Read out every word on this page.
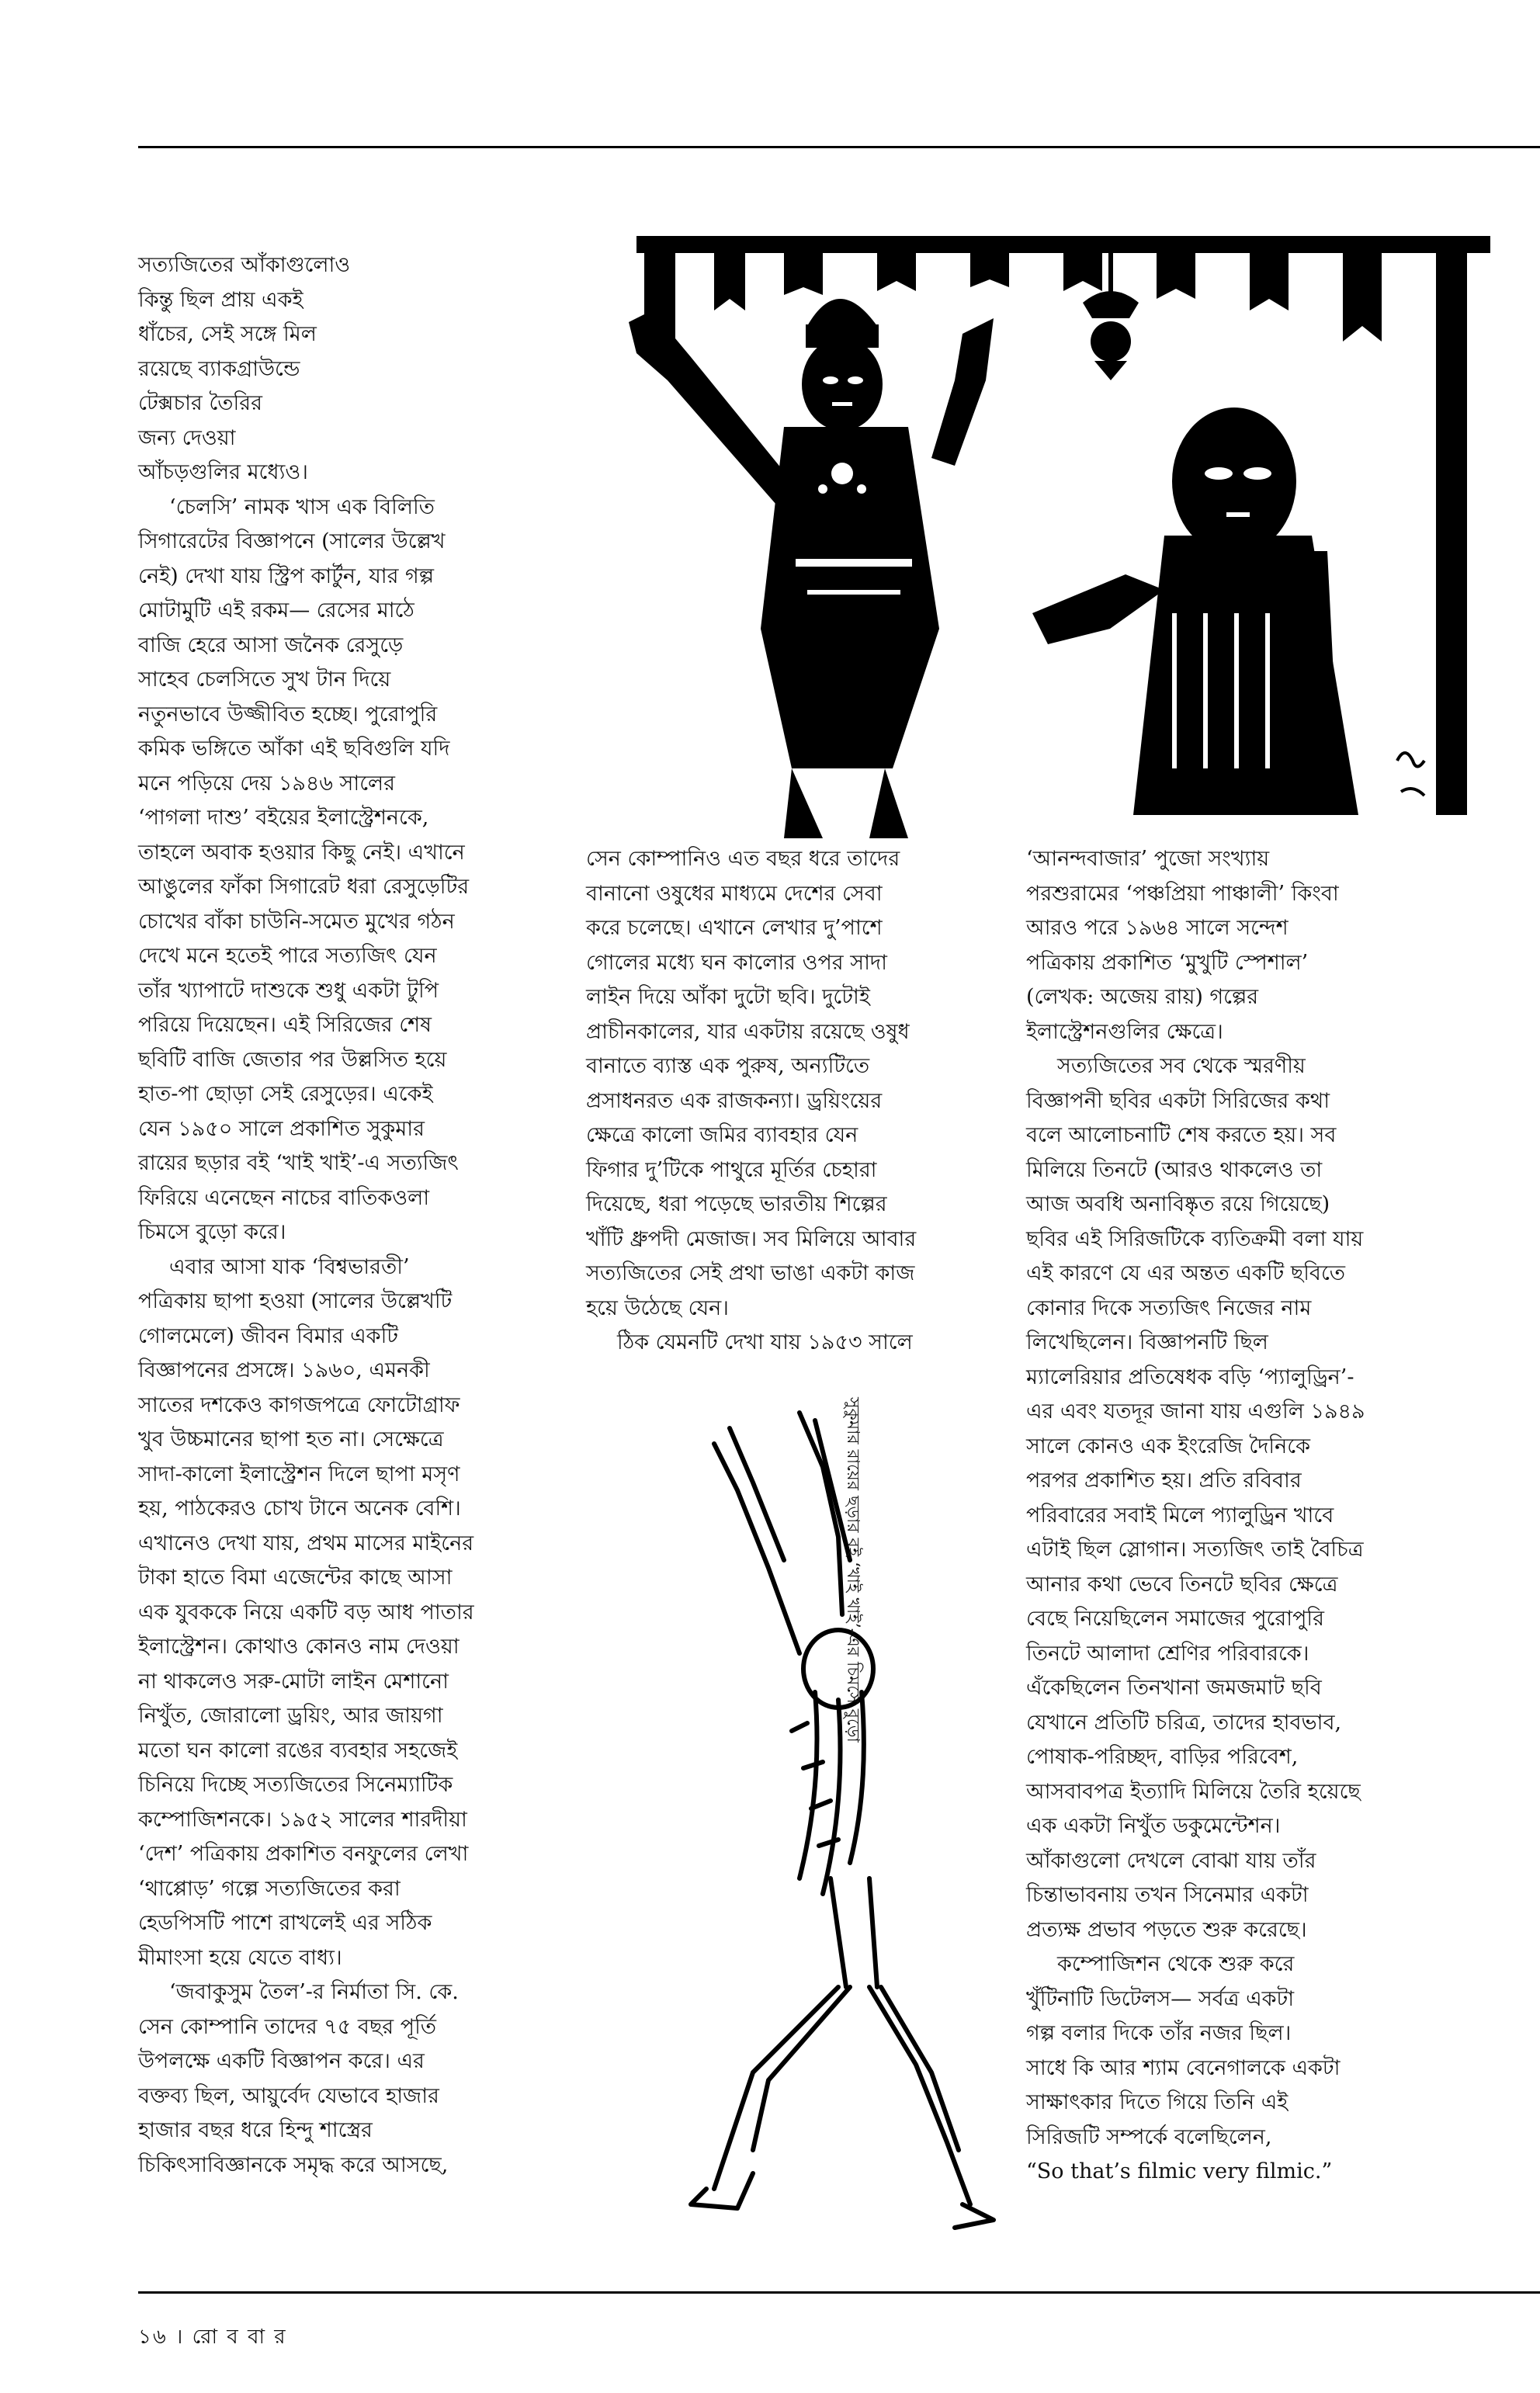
সত্যজিতের আঁকাগুলোও
কিন্তু ছিল প্রায় একই
ধাঁচের, সেই সঙ্গে মিল
রয়েছে ব্যাকগ্রাউন্ডে
টেক্সচার তৈরির
জন্য দেওয়া
আঁচড়গুলির মধ্যেও।
‘চেলসি’ নামক খাস এক বিলিতি
সিগারেটের বিজ্ঞাপনে (সালের উল্লেখ
নেই) দেখা যায় স্ট্রিপ কার্টুন, যার গল্প
মোটামুটি এই রকম— রেসের মাঠে
বাজি হেরে আসা জনৈক রেসুড়ে
সাহেব চেলসিতে সুখ টান দিয়ে
নতুনভাবে উজ্জীবিত হচ্ছে। পুরোপুরি
কমিক ভঙ্গিতে আঁকা এই ছবিগুলি যদি
মনে পড়িয়ে দেয় ১৯৪৬ সালের
‘পাগলা দাশু’ বইয়ের ইলাস্ট্রেশনকে,
তাহলে অবাক হওয়ার কিছু নেই। এখানে
আঙুলের ফাঁকা সিগারেট ধরা রেসুড়েটির
চোখের বাঁকা চাউনি-সমেত মুখের গঠন
দেখে মনে হতেই পারে সত্যজিৎ যেন
তাঁর খ্যাপাটে দাশুকে শুধু একটা টুপি
পরিয়ে দিয়েছেন। এই সিরিজের শেষ
ছবিটি বাজি জেতার পর উল্লসিত হয়ে
হাত-পা ছোড়া সেই রেসুড়ের। একেই
যেন ১৯৫০ সালে প্রকাশিত সুকুমার
রায়ের ছড়ার বই ‘খাই খাই’-এ সত্যজিৎ
ফিরিয়ে এনেছেন নাচের বাতিকওলা
চিমসে বুড়ো করে।
এবার আসা যাক ‘বিশ্বভারতী’
পত্রিকায় ছাপা হওয়া (সালের উল্লেখটি
গোলমেলে) জীবন বিমার একটি
বিজ্ঞাপনের প্রসঙ্গে। ১৯৬০, এমনকী
সাতের দশকেও কাগজপত্রে ফোটোগ্রাফ
খুব উচ্চমানের ছাপা হত না। সেক্ষেত্রে
সাদা-কালো ইলাস্ট্রেশন দিলে ছাপা মসৃণ
হয়, পাঠকেরও চোখ টানে অনেক বেশি।
এখানেও দেখা যায়, প্রথম মাসের মাইনের
টাকা হাতে বিমা এজেন্টের কাছে আসা
এক যুবককে নিয়ে একটি বড় আধ পাতার
ইলাস্ট্রেশন। কোথাও কোনও নাম দেওয়া
না থাকলেও সরু-মোটা লাইন মেশানো
নিখুঁত, জোরালো ড্রয়িং, আর জায়গা
মতো ঘন কালো রঙের ব্যবহার সহজেই
চিনিয়ে দিচ্ছে সত্যজিতের সিনেম্যাটিক
কম্পোজিশনকে। ১৯৫২ সালের শারদীয়া
‘দেশ’ পত্রিকায় প্রকাশিত বনফুলের লেখা
‘থাপ্পোড়’ গল্পে সত্যজিতের করা
হেডপিসটি পাশে রাখলেই এর সঠিক
মীমাংসা হয়ে যেতে বাধ্য।
‘জবাকুসুম তৈল’-র নির্মাতা সি. কে.
সেন কোম্পানি তাদের ৭৫ বছর পূর্তি
উপলক্ষে একটি বিজ্ঞাপন করে। এর
বক্তব্য ছিল, আয়ুর্বেদ যেভাবে হাজার
হাজার বছর ধরে হিন্দু শাস্ত্রের
চিকিৎসাবিজ্ঞানকে সমৃদ্ধ করে আসছে,
সেন কোম্পানিও এত বছর ধরে তাদের
বানানো ওষুধের মাধ্যমে দেশের সেবা
করে চলেছে। এখানে লেখার দু’পাশে
গোলের মধ্যে ঘন কালোর ওপর সাদা
লাইন দিয়ে আঁকা দুটো ছবি। দুটোই
প্রাচীনকালের, যার একটায় রয়েছে ওষুধ
বানাতে ব্যাস্ত এক পুরুষ, অন্যটিতে
প্রসাধনরত এক রাজকন্যা। ড্রয়িংয়ের
ক্ষেত্রে কালো জমির ব্যাবহার যেন
ফিগার দু’টিকে পাথুরে মূর্তির চেহারা
দিয়েছে, ধরা পড়েছে ভারতীয় শিল্পের
খাঁটি ধ্রুপদী মেজাজ। সব মিলিয়ে আবার
সত্যজিতের সেই প্রথা ভাঙা একটা কাজ
হয়ে উঠেছে যেন।
ঠিক যেমনটি দেখা যায় ১৯৫৩ সালে
‘আনন্দবাজার’ পুজো সংখ্যায়
পরশুরামের ‘পঞ্চপ্রিয়া পাঞ্চালী’ কিংবা
আরও পরে ১৯৬৪ সালে সন্দেশ
পত্রিকায় প্রকাশিত ‘মুখুটি স্পেশাল’
(লেখক: অজেয় রায়) গল্পের
ইলাস্ট্রেশনগুলির ক্ষেত্রে।
সত্যজিতের সব থেকে স্মরণীয়
বিজ্ঞাপনী ছবির একটা সিরিজের কথা
বলে আলোচনাটি শেষ করতে হয়। সব
মিলিয়ে তিনটে (আরও থাকলেও তা
আজ অবধি অনাবিষ্কৃত রয়ে গিয়েছে)
ছবির এই সিরিজটিকে ব্যতিক্রমী বলা যায়
এই কারণে যে এর অন্তত একটি ছবিতে
কোনার দিকে সত্যজিৎ নিজের নাম
লিখেছিলেন। বিজ্ঞাপনটি ছিল
ম্যালেরিয়ার প্রতিষেধক বড়ি ‘প্যালুড্রিন’-
এর এবং যতদূর জানা যায় এগুলি ১৯৪৯
সালে কোনও এক ইংরেজি দৈনিকে
পরপর প্রকাশিত হয়। প্রতি রবিবার
পরিবারের সবাই মিলে প্যালুড্রিন খাবে
এটাই ছিল স্লোগান। সত্যজিৎ তাই বৈচিত্র
আনার কথা ভেবে তিনটে ছবির ক্ষেত্রে
বেছে নিয়েছিলেন সমাজের পুরোপুরি
তিনটে আলাদা শ্রেণির পরিবারকে।
এঁকেছিলেন তিনখানা জমজমাট ছবি
যেখানে প্রতিটি চরিত্র, তাদের হাবভাব,
পোষাক-পরিচ্ছদ, বাড়ির পরিবেশ,
আসবাবপত্র ইত্যাদি মিলিয়ে তৈরি হয়েছে
এক একটা নিখুঁত ডকুমেন্টেশন।
আঁকাগুলো দেখলে বোঝা যায় তাঁর
চিন্তাভাবনায় তখন সিনেমার একটা
প্রত্যক্ষ প্রভাব পড়তে শুরু করেছে।
কম্পোজিশন থেকে শুরু করে
খুঁটিনাটি ডিটেলস— সর্বত্র একটা
গল্প বলার দিকে তাঁর নজর ছিল।
সাধে কি আর শ্যাম বেনেগালকে একটা
সাক্ষাৎকার দিতে গিয়ে তিনি এই
সিরিজটি সম্পর্কে বলেছিলেন,
“So that’s filmic very filmic.”
সুকুমার রায়ের ছড়ার বই ‘খাই খাই’-এর চিমসে বুড়ো
১৬ । রো ব বা র
